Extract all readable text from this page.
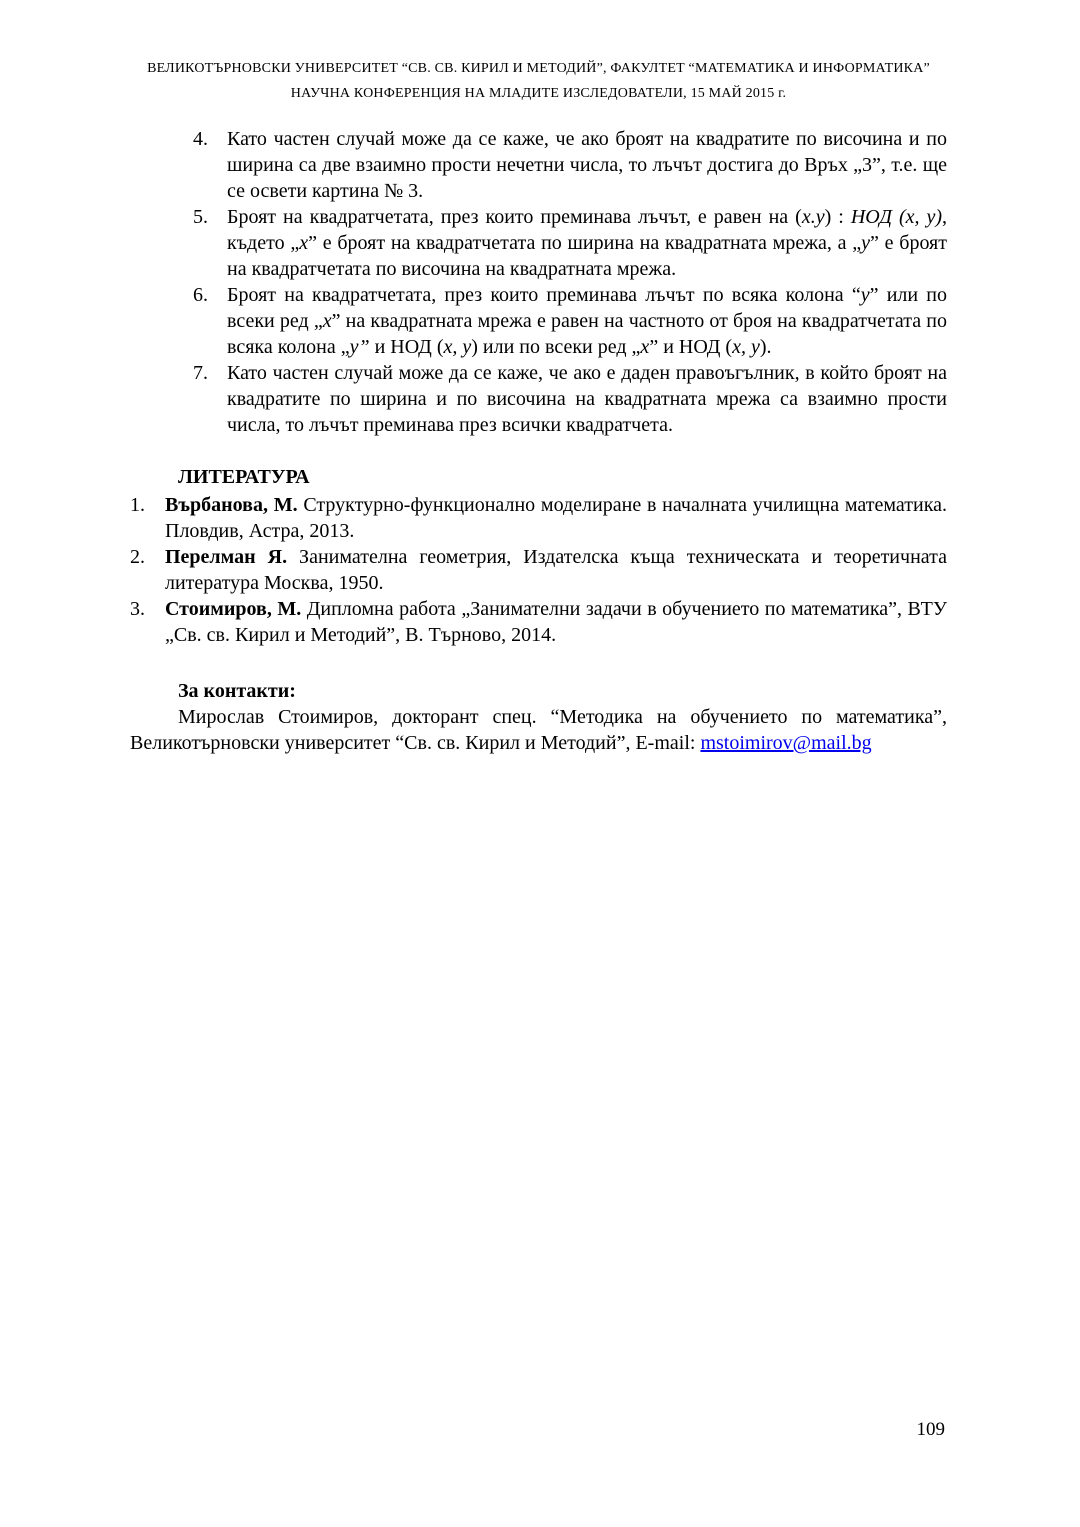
ВЕЛИКОТЪРНОВСКИ УНИВЕРСИТЕТ “СВ. СВ. КИРИЛ И МЕТОДИЙ”, ФАКУЛТЕТ “МАТЕМАТИКА И ИНФОРМАТИКА”
НАУЧНА КОНФЕРЕНЦИЯ НА МЛАДИТЕ ИЗСЛЕДОВАТЕЛИ, 15 МАЙ 2015 г.
4. Като частен случай може да се каже, че ако броят на квадратите по височина и по ширина са две взаимно прости нечетни числа, то лъчът достига до Връх „3”, т.е. ще се освети картина № 3.
5. Броят на квадратчетата, през които преминава лъчът, е равен на (x.y) : НОД (x, y), където „x” е броят на квадратчетата по ширина на квадратната мрежа, а „y” е броят на квадратчетата по височина на квадратната мрежа.
6. Броят на квадратчетата, през които преминава лъчът по всяка колона “y” или по всеки ред „x” на квадратната мрежа е равен на частното от броя на квадратчетата по всяка колона „y” и НОД (x, y) или по всеки ред „x” и НОД (x, y).
7. Като частен случай може да се каже, че ако е даден правоъгълник, в който броят на квадратите по ширина и по височина на квадратната мрежа са взаимно прости числа, то лъчът преминава през всички квадратчета.
ЛИТЕРАТУРА
1.	Върбанова, М. Структурно-функционално моделиране в началната училищна математика. Пловдив, Астра, 2013.
2.	Перелман Я. Занимателна геометрия, Издателска къща техническата и теоретичната литература Москва, 1950.
3.	Стоимиров, М. Дипломна работа „Занимателни задачи в обучението по математика”, ВТУ „Св. св. Кирил и Методий”, В. Търново, 2014.
За контакти:

Мирослав Стоимиров, докторант спец. “Методика на обучението по математика”, Великотърновски университет “Св. св. Кирил и Методий”, E-mail: mstoimirov@mail.bg

109
